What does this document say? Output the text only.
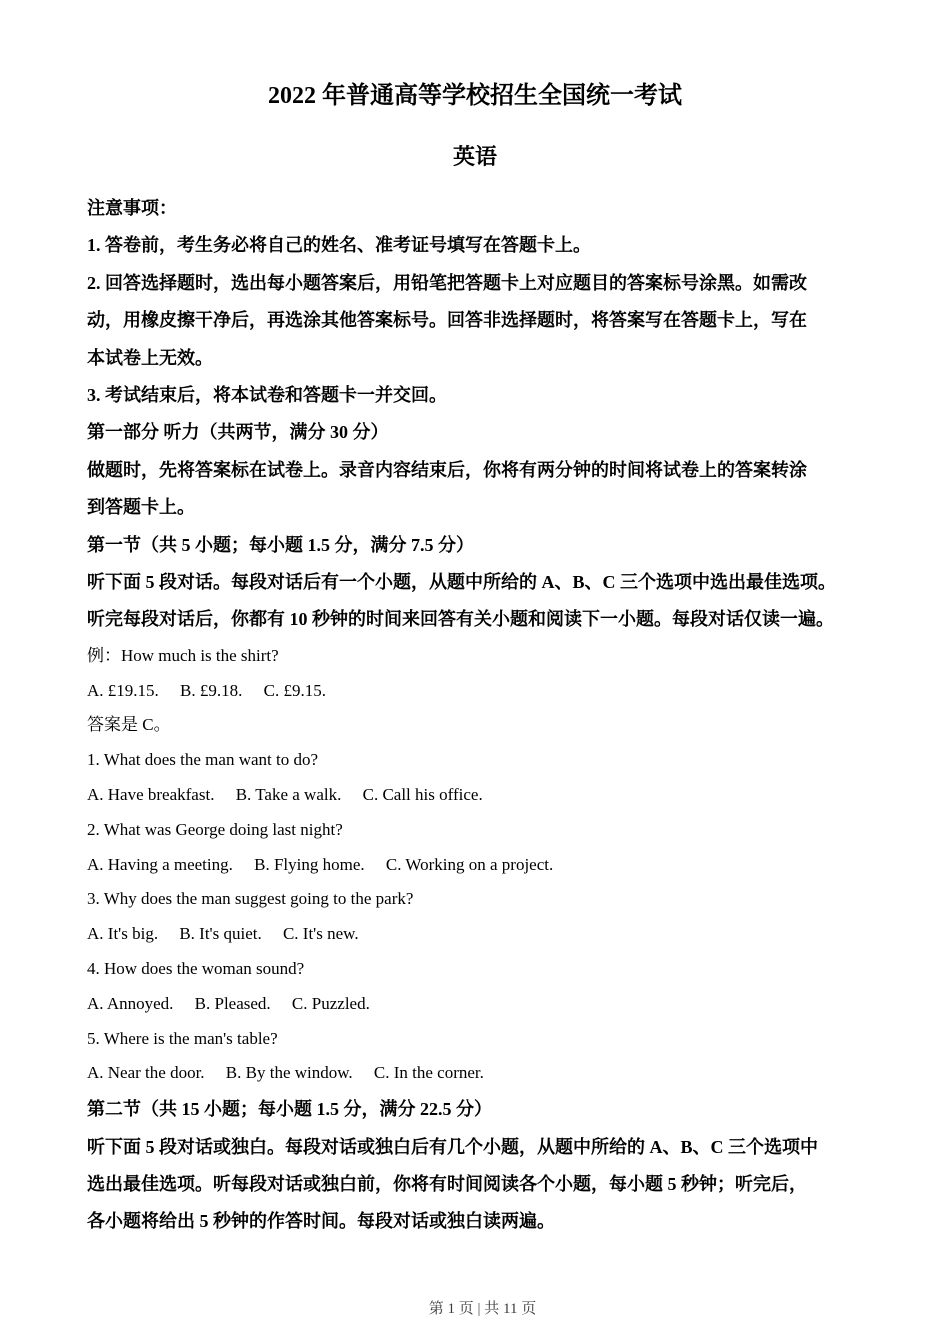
2022 年普通高等学校招生全国统一考试
英语
注意事项：
1. 答卷前，考生务必将自己的姓名、准考证号填写在答题卡上。
2. 回答选择题时，选出每小题答案后，用铅笔把答题卡上对应题目的答案标号涂黑。如需改
动，用橡皮擦干净后，再选涂其他答案标号。回答非选择题时，将答案写在答题卡上，写在
本试卷上无效。
3. 考试结束后，将本试卷和答题卡一并交回。
第一部分 听力（共两节，满分 30 分）
做题时，先将答案标在试卷上。录音内容结束后，你将有两分钟的时间将试卷上的答案转涂
到答题卡上。
第一节（共 5 小题；每小题 1.5 分，满分 7.5 分）
听下面 5 段对话。每段对话后有一个小题，从题中所给的 A、B、C 三个选项中选出最佳选项。
听完每段对话后，你都有 10 秒钟的时间来回答有关小题和阅读下一小题。每段对话仅读一遍。
例：How much is the shirt?
A. £19.15.     B. £9.18.     C. £9.15.
答案是 C。
1. What does the man want to do?
A. Have breakfast.     B. Take a walk.     C. Call his office.
2. What was George doing last night?
A. Having a meeting.     B. Flying home.     C. Working on a project.
3. Why does the man suggest going to the park?
A. It's big.     B. It's quiet.     C. It's new.
4. How does the woman sound?
A. Annoyed.     B. Pleased.     C. Puzzled.
5. Where is the man's table?
A. Near the door.     B. By the window.     C. In the corner.
第二节（共 15 小题；每小题 1.5 分，满分 22.5 分）
听下面 5 段对话或独白。每段对话或独白后有几个小题，从题中所给的 A、B、C 三个选项中
选出最佳选项。听每段对话或独白前，你将有时间阅读各个小题，每小题 5 秒钟；听完后，
各小题将给出 5 秒钟的作答时间。每段对话或独白读两遍。

第 1 页 | 共 11 页
